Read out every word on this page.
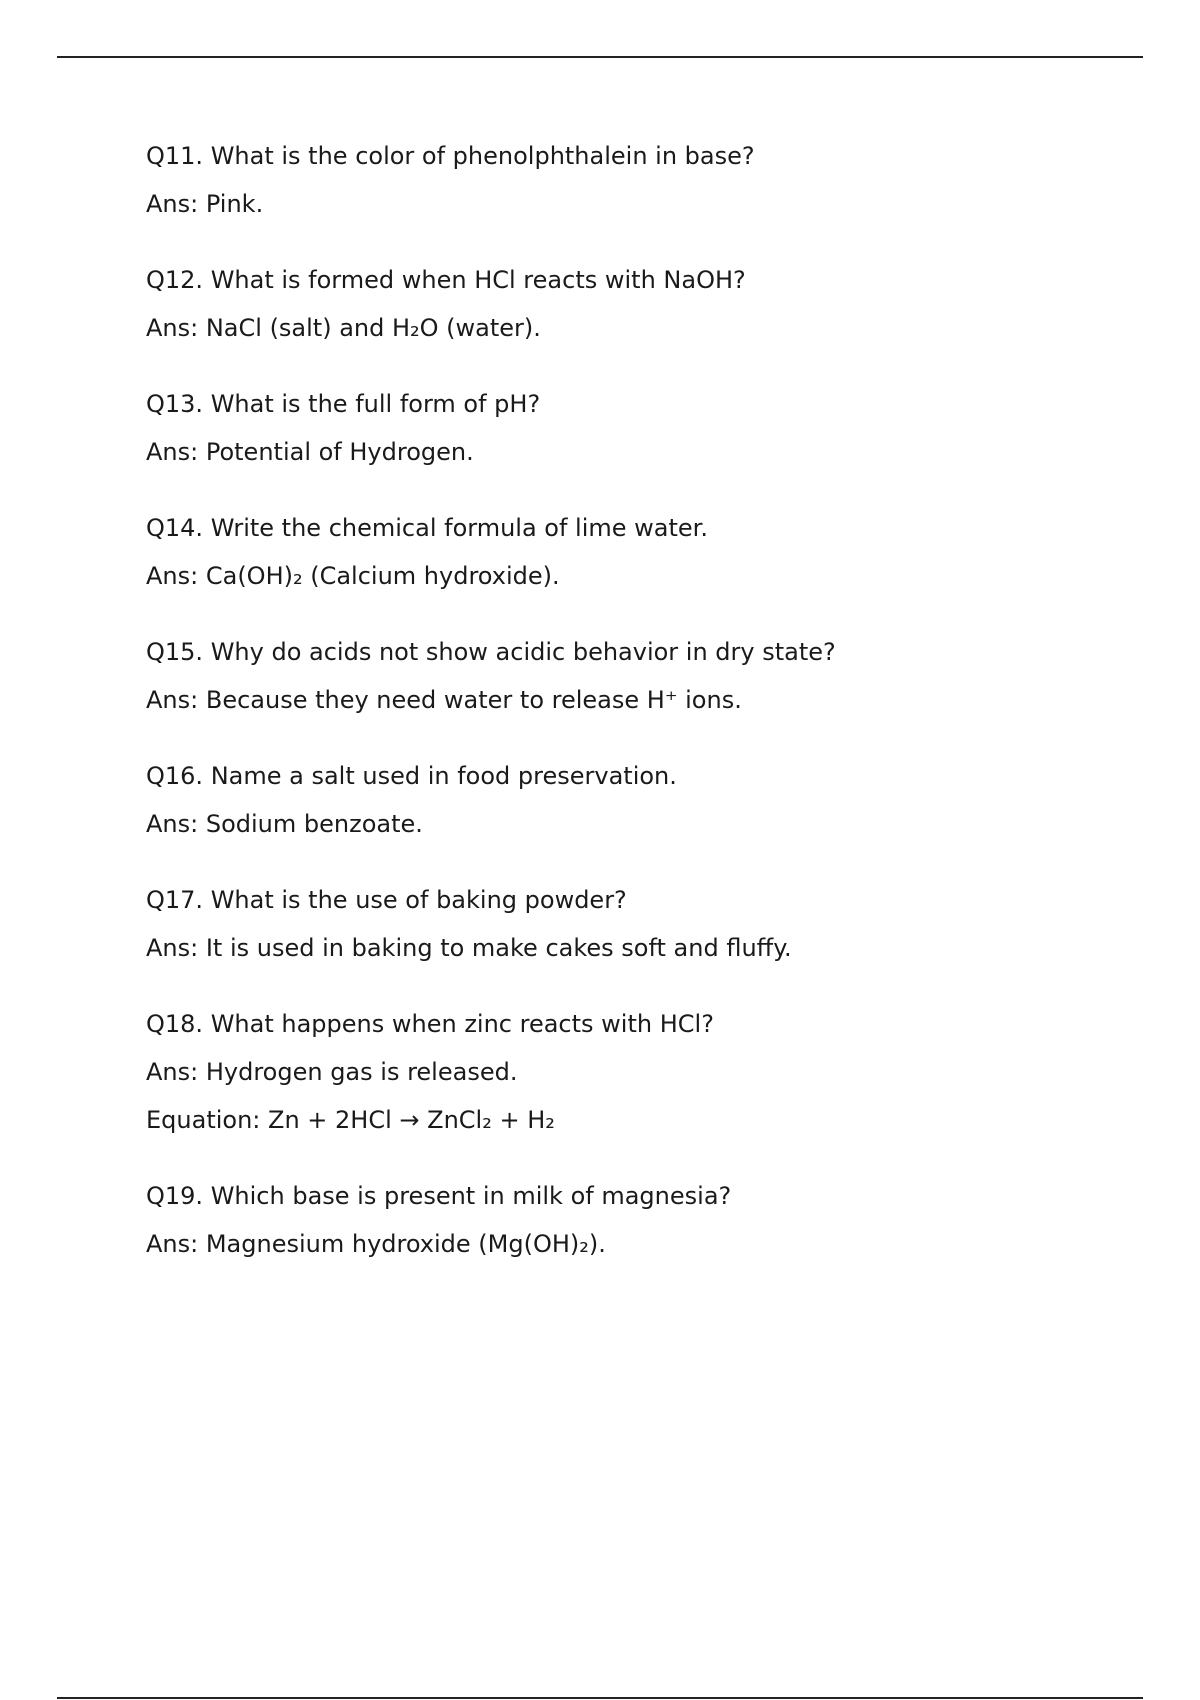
Q11. What is the color of phenolphthalein in base?
Ans: Pink.
Q12. What is formed when HCl reacts with NaOH?
Ans: NaCl (salt) and H₂O (water).
Q13. What is the full form of pH?
Ans: Potential of Hydrogen.
Q14. Write the chemical formula of lime water.
Ans: Ca(OH)₂ (Calcium hydroxide).
Q15. Why do acids not show acidic behavior in dry state?
Ans: Because they need water to release H⁺ ions.
Q16. Name a salt used in food preservation.
Ans: Sodium benzoate.
Q17. What is the use of baking powder?
Ans: It is used in baking to make cakes soft and fluffy.
Q18. What happens when zinc reacts with HCl?
Ans: Hydrogen gas is released.
Equation: Zn + 2HCl → ZnCl₂ + H₂
Q19. Which base is present in milk of magnesia?
Ans: Magnesium hydroxide (Mg(OH)₂).
